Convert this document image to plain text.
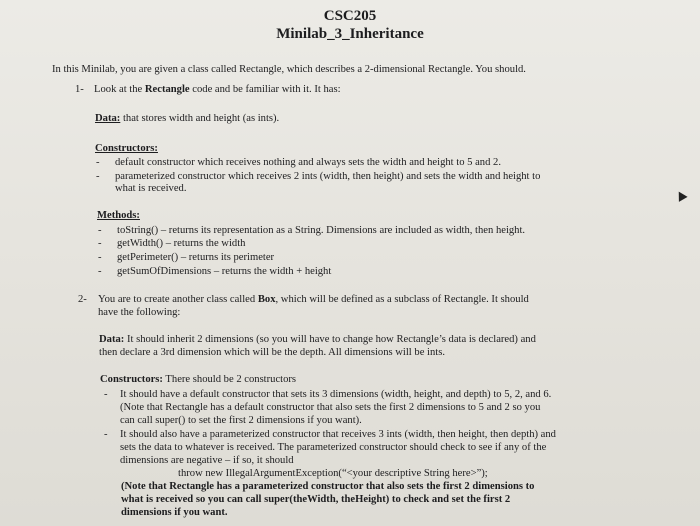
CSC205
Minilab_3_Inheritance
In this Minilab, you are given a class called Rectangle, which describes a 2-dimensional Rectangle. You should.
1- Look at the Rectangle code and be familiar with it. It has:
Data: that stores width and height (as ints).
Constructors:
- default constructor which receives nothing and always sets the width and height to 5 and 2.
- parameterized constructor which receives 2 ints (width, then height) and sets the width and height to
what is received.
Methods:
- toString() – returns its representation as a String. Dimensions are included as width, then height.
- getWidth() – returns the width
- getPerimeter() – returns its perimeter
- getSumOfDimensions – returns the width + height
2- You are to create another class called Box, which will be defined as a subclass of Rectangle. It should
have the following:
Data: It should inherit 2 dimensions (so you will have to change how Rectangle’s data is declared) and
then declare a 3rd dimension which will be the depth. All dimensions will be ints.
Constructors: There should be 2 constructors
- It should have a default constructor that sets its 3 dimensions (width, height, and depth) to 5, 2, and 6.
(Note that Rectangle has a default constructor that also sets the first 2 dimensions to 5 and 2 so you
can call super() to set the first 2 dimensions if you want).
- It should also have a parameterized constructor that receives 3 ints (width, then height, then depth) and
sets the data to whatever is received. The parameterized constructor should check to see if any of the
dimensions are negative – if so, it should
throw new IllegalArgumentException(“<your descriptive String here>”);
(Note that Rectangle has a parameterized constructor that also sets the first 2 dimensions to
what is received so you can call super(theWidth, theHeight) to check and set the first 2
dimensions if you want.
